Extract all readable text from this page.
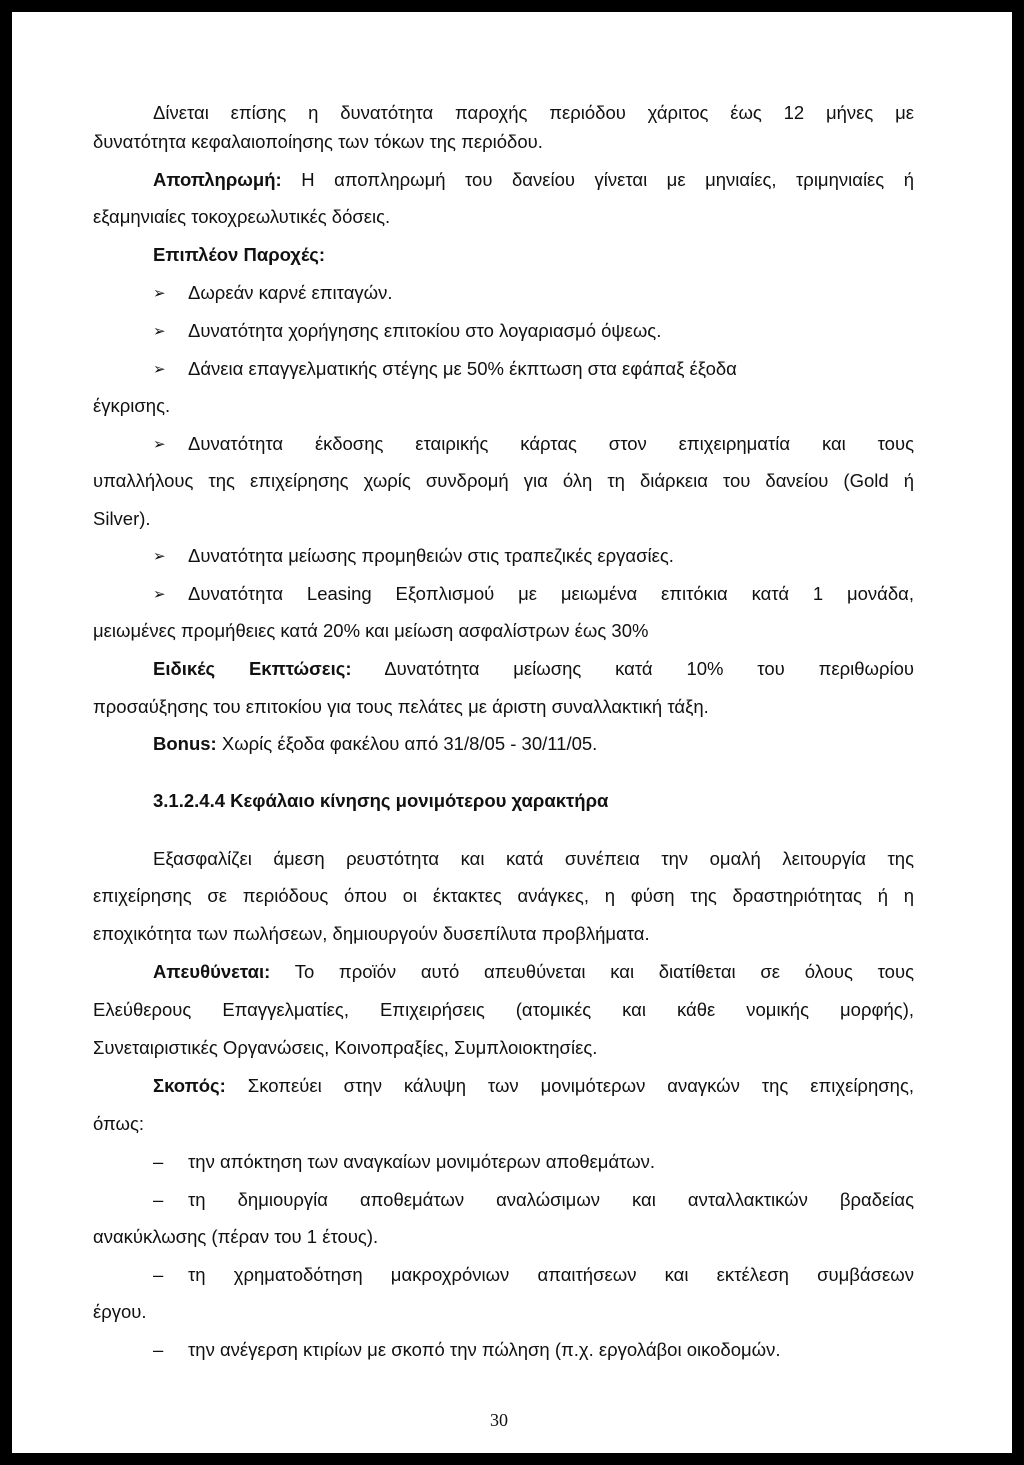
Δίνεται επίσης η δυνατότητα παροχής περιόδου χάριτος έως 12 μήνες με
δυνατότητα κεφαλαιοποίησης των τόκων της περιόδου.
Αποπληρωμή: Η αποπληρωμή του δανείου γίνεται με μηνιαίες, τριμηνιαίες ή
εξαμηνιαίες τοκοχρεωλυτικές δόσεις.
Επιπλέον Παροχές:
➢ Δωρεάν καρνέ επιταγών.
➢ Δυνατότητα χορήγησης επιτοκίου στο λογαριασμό όψεως.
➢ Δάνεια επαγγελματικής στέγης με 50% έκπτωση στα εφάπαξ έξοδα
έγκρισης.
➢ Δυνατότητα έκδοσης εταιρικής κάρτας στον επιχειρηματία και τους
υπαλλήλους της επιχείρησης χωρίς συνδρομή για όλη τη διάρκεια του δανείου (Gold ή
Silver).
➢ Δυνατότητα μείωσης προμηθειών στις τραπεζικές εργασίες.
➢ Δυνατότητα Leasing Εξοπλισμού με μειωμένα επιτόκια κατά 1 μονάδα,
μειωμένες προμήθειες κατά 20% και μείωση ασφαλίστρων έως 30%
Ειδικές Εκπτώσεις: Δυνατότητα μείωσης κατά 10% του περιθωρίου
προσαύξησης του επιτοκίου για τους πελάτες με άριστη συναλλακτική τάξη.
Bonus: Χωρίς έξοδα φακέλου από 31/8/05 - 30/11/05.
3.1.2.4.4 Κεφάλαιο κίνησης μονιμότερου χαρακτήρα
Εξασφαλίζει άμεση ρευστότητα και κατά συνέπεια την ομαλή λειτουργία της
επιχείρησης σε περιόδους όπου οι έκτακτες ανάγκες, η φύση της δραστηριότητας ή η
εποχικότητα των πωλήσεων, δημιουργούν δυσεπίλυτα προβλήματα.
Απευθύνεται: Το προϊόν αυτό απευθύνεται και διατίθεται σε όλους τους
Ελεύθερους Επαγγελματίες, Επιχειρήσεις (ατομικές και κάθε νομικής μορφής),
Συνεταιριστικές Οργανώσεις, Κοινοπραξίες, Συμπλοιοκτησίες.
Σκοπός: Σκοπεύει στην κάλυψη των μονιμότερων αναγκών της επιχείρησης,
όπως:
– την απόκτηση των αναγκαίων μονιμότερων αποθεμάτων.
– τη δημιουργία αποθεμάτων αναλώσιμων και ανταλλακτικών βραδείας
ανακύκλωσης (πέραν του 1 έτους).
– τη χρηματοδότηση μακροχρόνιων απαιτήσεων και εκτέλεση συμβάσεων
έργου.
– την ανέγερση κτιρίων με σκοπό την πώληση (π.χ. εργολάβοι οικοδομών.
30
